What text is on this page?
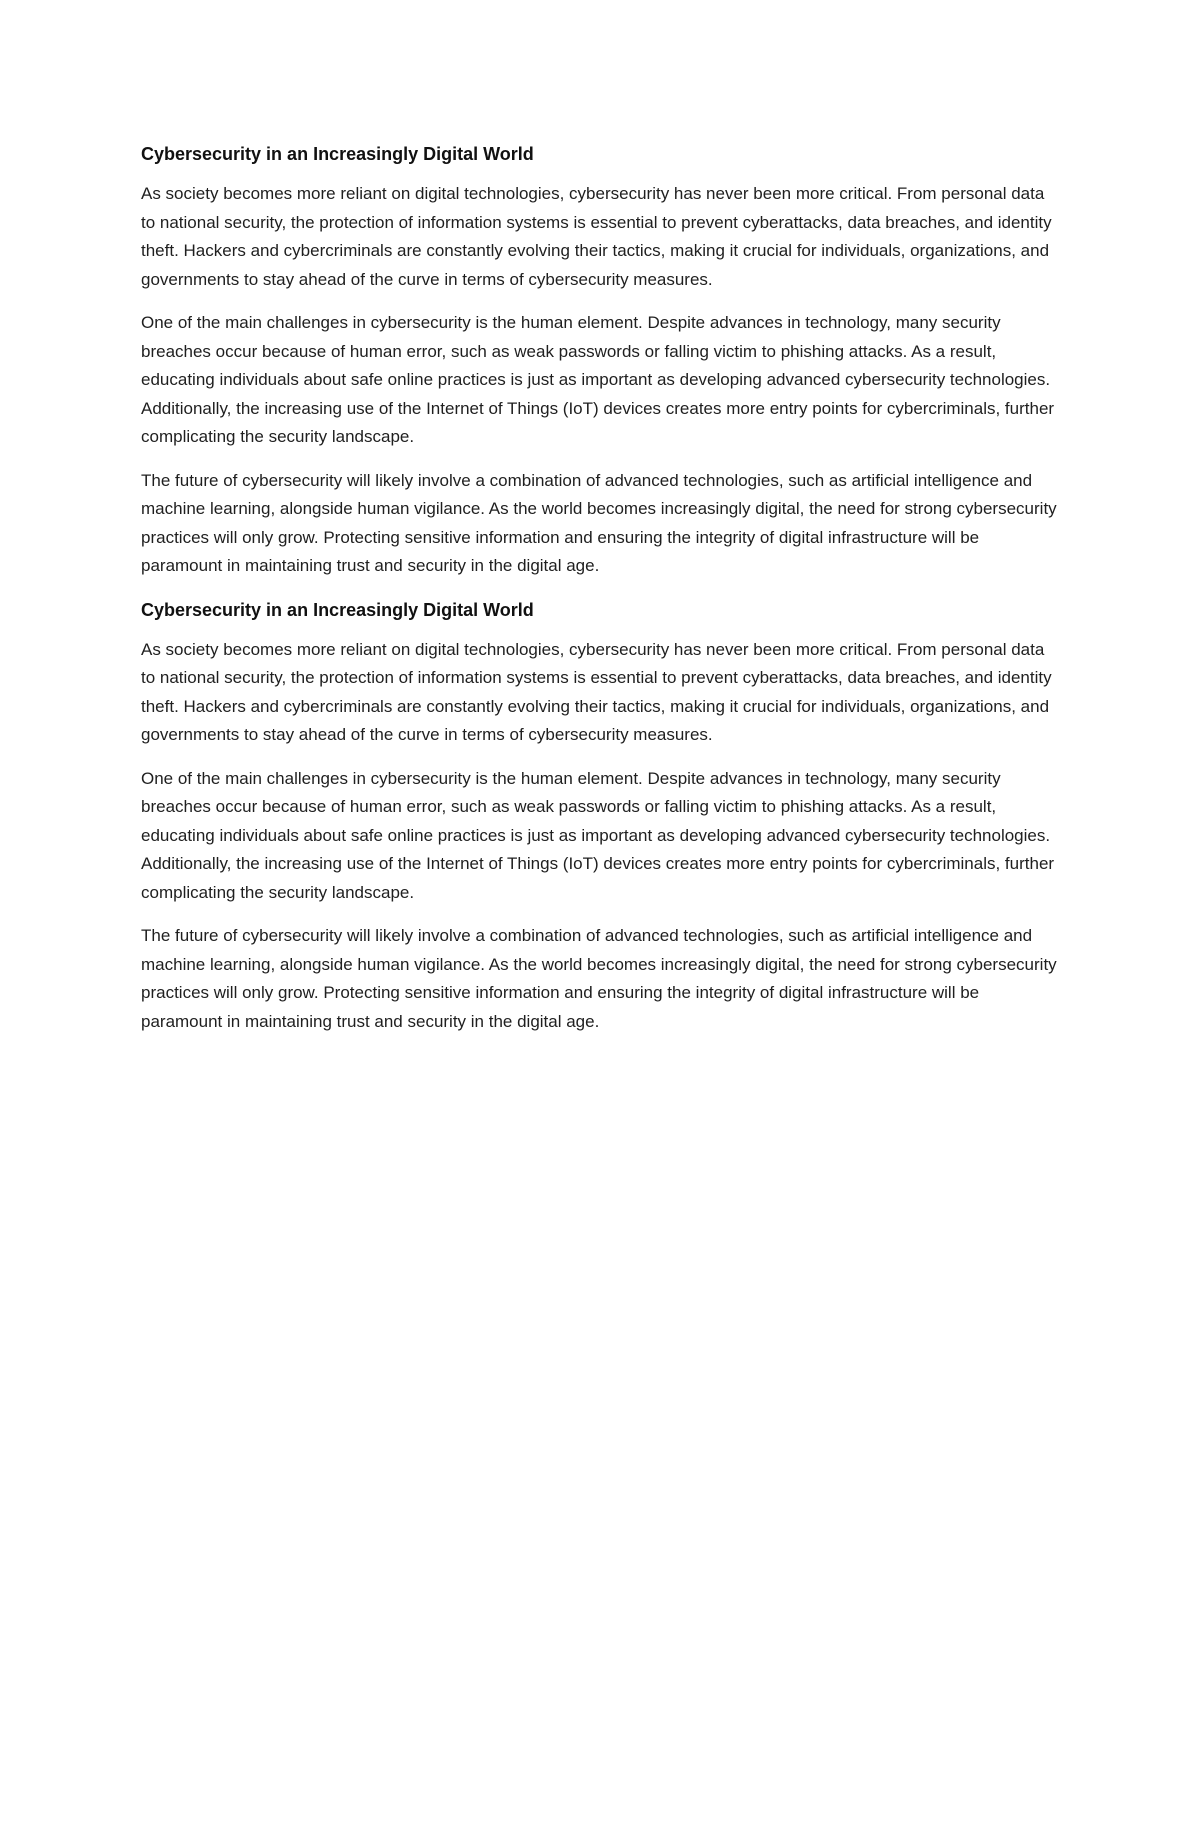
Cybersecurity in an Increasingly Digital World

As society becomes more reliant on digital technologies, cybersecurity has never been more critical. From personal data to national security, the protection of information systems is essential to prevent cyberattacks, data breaches, and identity theft. Hackers and cybercriminals are constantly evolving their tactics, making it crucial for individuals, organizations, and governments to stay ahead of the curve in terms of cybersecurity measures.

One of the main challenges in cybersecurity is the human element. Despite advances in technology, many security breaches occur because of human error, such as weak passwords or falling victim to phishing attacks. As a result, educating individuals about safe online practices is just as important as developing advanced cybersecurity technologies. Additionally, the increasing use of the Internet of Things (IoT) devices creates more entry points for cybercriminals, further complicating the security landscape.

The future of cybersecurity will likely involve a combination of advanced technologies, such as artificial intelligence and machine learning, alongside human vigilance. As the world becomes increasingly digital, the need for strong cybersecurity practices will only grow. Protecting sensitive information and ensuring the integrity of digital infrastructure will be paramount in maintaining trust and security in the digital age.

Cybersecurity in an Increasingly Digital World

As society becomes more reliant on digital technologies, cybersecurity has never been more critical. From personal data to national security, the protection of information systems is essential to prevent cyberattacks, data breaches, and identity theft. Hackers and cybercriminals are constantly evolving their tactics, making it crucial for individuals, organizations, and governments to stay ahead of the curve in terms of cybersecurity measures.

One of the main challenges in cybersecurity is the human element. Despite advances in technology, many security breaches occur because of human error, such as weak passwords or falling victim to phishing attacks. As a result, educating individuals about safe online practices is just as important as developing advanced cybersecurity technologies. Additionally, the increasing use of the Internet of Things (IoT) devices creates more entry points for cybercriminals, further complicating the security landscape.

The future of cybersecurity will likely involve a combination of advanced technologies, such as artificial intelligence and machine learning, alongside human vigilance. As the world becomes increasingly digital, the need for strong cybersecurity practices will only grow. Protecting sensitive information and ensuring the integrity of digital infrastructure will be paramount in maintaining trust and security in the digital age.
